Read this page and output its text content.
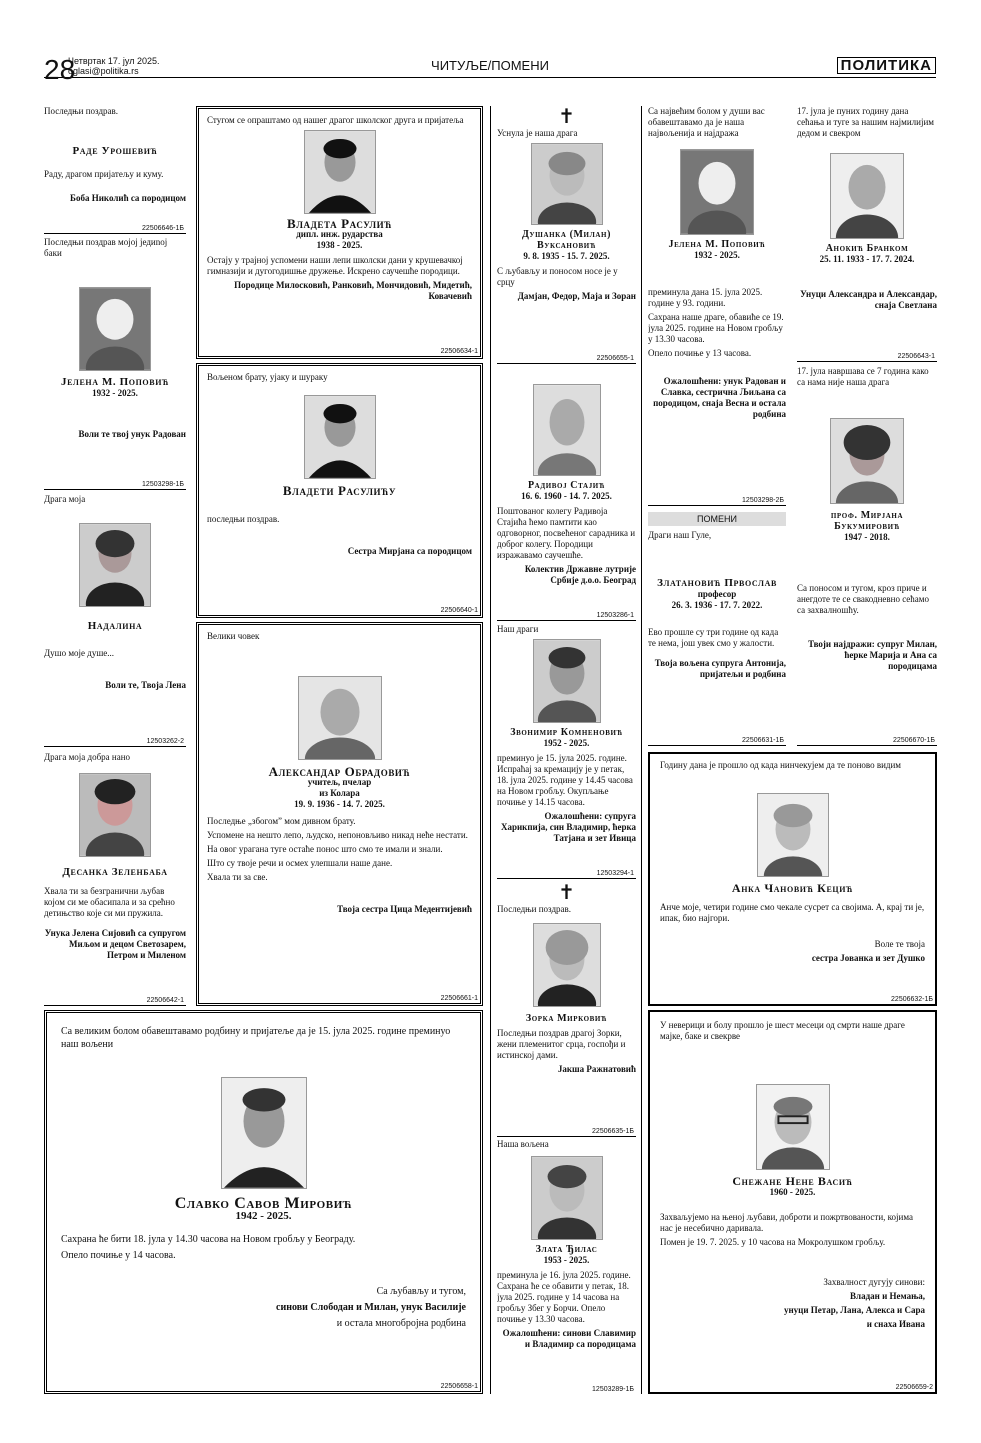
28
Четвртак 17. јул 2025.
oglasi@politika.rs	ЧИТУЉЕ/ПОМЕНИ	ПОЛИТИКА

Последњи поздрав.

Раде Урошевић

Раду, драгом пријатељу и куму.

Боба Николић са породицом

22506646-1Б

Последњи поздрав мојој једиnoј баки

Јелена М. Поповић
1932 - 2025.

Воли те твој унук Радован

12503298-1Б

Драга моја

Надалина

Душо моје душе...

Воли те, Твоја Лена

12503262-2

Драга моја добра нано

Десанка Зеленбаба

Хвала ти за безгранични љубав којом си ме обасипала и за срећно детињство које си ми пружила.

Унука Јелена Сијовић са супругом Миљом и децом Светозарем, Петром и Миленом

22506642-1

Стугом се опраштамо од нашег драгог школског друга и пријатеља

Владета Расулић
дипл. инж. рударства
1938 - 2025.

Остају у трајној успомени наши лепи школски дани у крушевачкој гимназији и дугогодишње дружење. Искрено саучешће породици.

Породице Милосковић, Ранковић, Мончидовић, Мидетић, Ковачевић

22506634-1

Вољеном брату, ујаку и шураку

Владети Расулићу

последњи поздрав.

Сестра Мирјана са породицом

22506640-1

Велики човек

Александар Обрадовић
учитељ, пчелар
из Колара
19. 9. 1936 - 14. 7. 2025.

Последње „збогом” мом дивном брату.

Успомене на нешто лепо, људско, непоновљиво никад неће нестати.

На овог урагана туге остаће понос што смо те имали и знали.

Што су твоје речи и осмех улепшали наше дане.

Хвала ти за све.

Твоја сестра Цица Медентијевић

22506661-1
✝

Уснула је наша драга

Душанка (Милан) Вуксановић
9. 8. 1935 - 15. 7. 2025.

С љубављу и поносом носе је у срцу

Дамјан, Федор, Маја и Зоран

22506655-1
Радивој Стајић
16. 6. 1960 - 14. 7. 2025.

Поштованог колегу Радивоја Стајића ћемо памтити као одговорног, посвећеног сарадника и доброг колегу. Породици изражавамо саучешће.

Колектив Државне лутрије Србије д.о.о. Београд

12503286-1

Наш драги

Звонимир Комненовић
1952 - 2025.

преминуо је 15. јула 2025. године. Испраћај за кремацију је у петак, 18. јула 2025. године у 14.45 часова на Новом гробљу. Окупљање почиње у 14.15 часова.

Ожалошћени: супруга Харикпија, син Владимир, ћерка Татјана и зет Ивица

12503294-1
✝

Последњи поздрав.

Зорка Мирковић

Последњи поздрав драгој Зорки, жени племенитог срца, госпођи и истинској дами.

Јакша Ражнатовић

22506635-1Б

Наша вољена

Злата Ђилас
1953 - 2025.

преминула је 16. јула 2025. године. Сахрана ће се обавити у петак, 18. јула 2025. године у 14 часова на гробљу Збег у Борчи. Опело почиње у 13.30 часова.

Ожалошћени: синови Славимир и Владимир са породицама

12503289-1Б

Са највећим болом у души вас обавештавамо да је наша највољенија и најдража

Јелена М. Поповић
1932 - 2025.

преминула дана 15. јула 2025. године у 93. години.

Сахрана наше драге, обавиће се 19. јула 2025. године на Новом гробљу у 13.30 часова.

Опело почиње у 13 часова.

Ожалошћени: унук Радован и Славка, сестрична Љиљана са породицом, снаја Весна и остала родбина

12503298-2Б
ПОМЕНИ

Драги наш Гуле,

Златановић Првослав
професор
26. 3. 1936 - 17. 7. 2022.

Ево прошле су три године од када те нема, још увек смо у жалости.

Твоја вољена супруга Антонија, пријатељи и родбина

22506631-1Б

17. јула је пуних годину дана сећања и туге за нашим најмилијим дедом и свекром

Анокић Бранком
25. 11. 1933 - 17. 7. 2024.

Унуци Александра и Александар, снаја Светлана

22506643-1

17. јула навршава се 7 година како са нама није наша драга

проф. Мирјана Букумировић
1947 - 2018.

Са поносом и тугом, кроз приче и анегдоте те се свакодневно сећамо са захвалношћу.

Твоји најдражи: супруг Милан, ћерке Марија и Ана са породицама

22506670-1Б

Са великим болом обавештавамо родбину и пријатеље да је 15. јула 2025. године преминуо наш вољени

Славко Савов Мировић
1942 - 2025.

Сахрана ће бити 18. јула у 14.30 часова на Новом гробљу у Београду.

Опело почиње у 14 часова.

Са љубављу и тугом,

синови Слободан и Милан, унук Василије

и остала многобројна родбина

22506658-1

Годину дана је прошло од када нинчекујем да те поново видим

Анка Чановић Кецић

Анче моје, четири године смо чекале сусрет са својима. А, крај ти је, ипак, био најгори.

Воле те твоја

сестра Јованка и зет Душко

22506632-1Б

У неверици и болу прошло је шест месеци од смрти наше драге мајке, баке и свекрве

Снежане Нене Васић
1960 - 2025.

Захваљујемо на њеној љубави, доброти и пожртвованости, којима нас је несебично даривала.

Помен је 19. 7. 2025. у 10 часова на Мокролушком гробљу.

Захвалност дугују синови:

Владан и Немања,

унуци Петар, Лана, Алекса и Сара

и снаха Ивана

22506659-2
